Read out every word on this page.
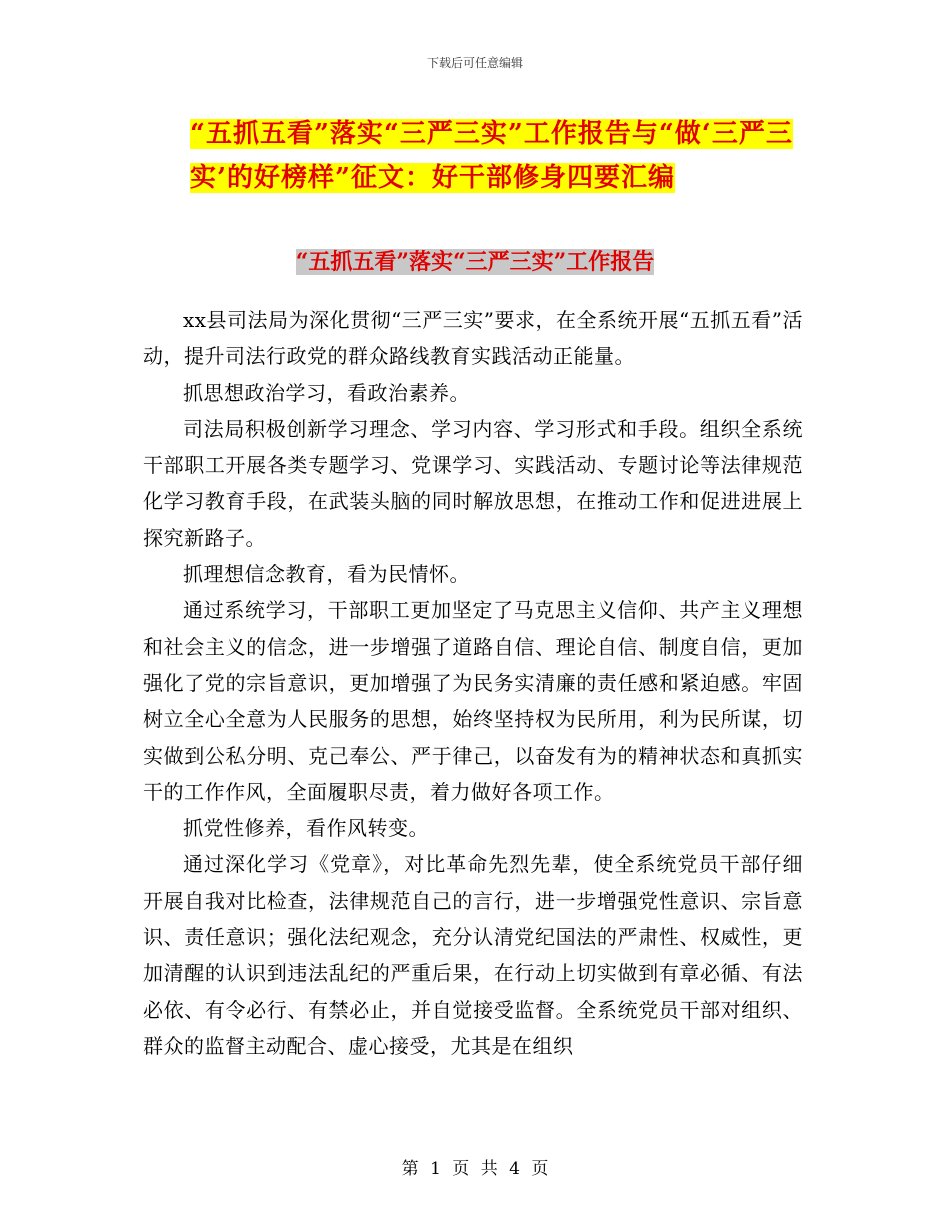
下载后可任意编辑
“五抓五看”落实“三严三实”工作报告与“做‘三严三实’的好榜样”征文：好干部修身四要汇编
“五抓五看”落实“三严三实”工作报告

xx县司法局为深化贯彻“三严三实”要求，在全系统开展“五抓五看”活动，提升司法行政党的群众路线教育实践活动正能量。

抓思想政治学习，看政治素养。

司法局积极创新学习理念、学习内容、学习形式和手段。组织全系统干部职工开展各类专题学习、党课学习、实践活动、专题讨论等法律规范化学习教育手段，在武装头脑的同时解放思想，在推动工作和促进进展上探究新路子。

抓理想信念教育，看为民情怀。

通过系统学习，干部职工更加坚定了马克思主义信仰、共产主义理想和社会主义的信念，进一步增强了道路自信、理论自信、制度自信，更加强化了党的宗旨意识，更加增强了为民务实清廉的责任感和紧迫感。牢固树立全心全意为人民服务的思想，始终坚持权为民所用，利为民所谋，切实做到公私分明、克己奉公、严于律己，以奋发有为的精神状态和真抓实干的工作作风，全面履职尽责，着力做好各项工作。

抓党性修养，看作风转变。

通过深化学习《党章》，对比革命先烈先辈，使全系统党员干部仔细开展自我对比检查，法律规范自己的言行，进一步增强党性意识、宗旨意识、责任意识；强化法纪观念，充分认清党纪国法的严肃性、权威性，更加清醒的认识到违法乱纪的严重后果，在行动上切实做到有章必循、有法必依、有令必行、有禁必止，并自觉接受监督。全系统党员干部对组织、群众的监督主动配合、虚心接受，尤其是在组织

第 1 页 共 4 页
